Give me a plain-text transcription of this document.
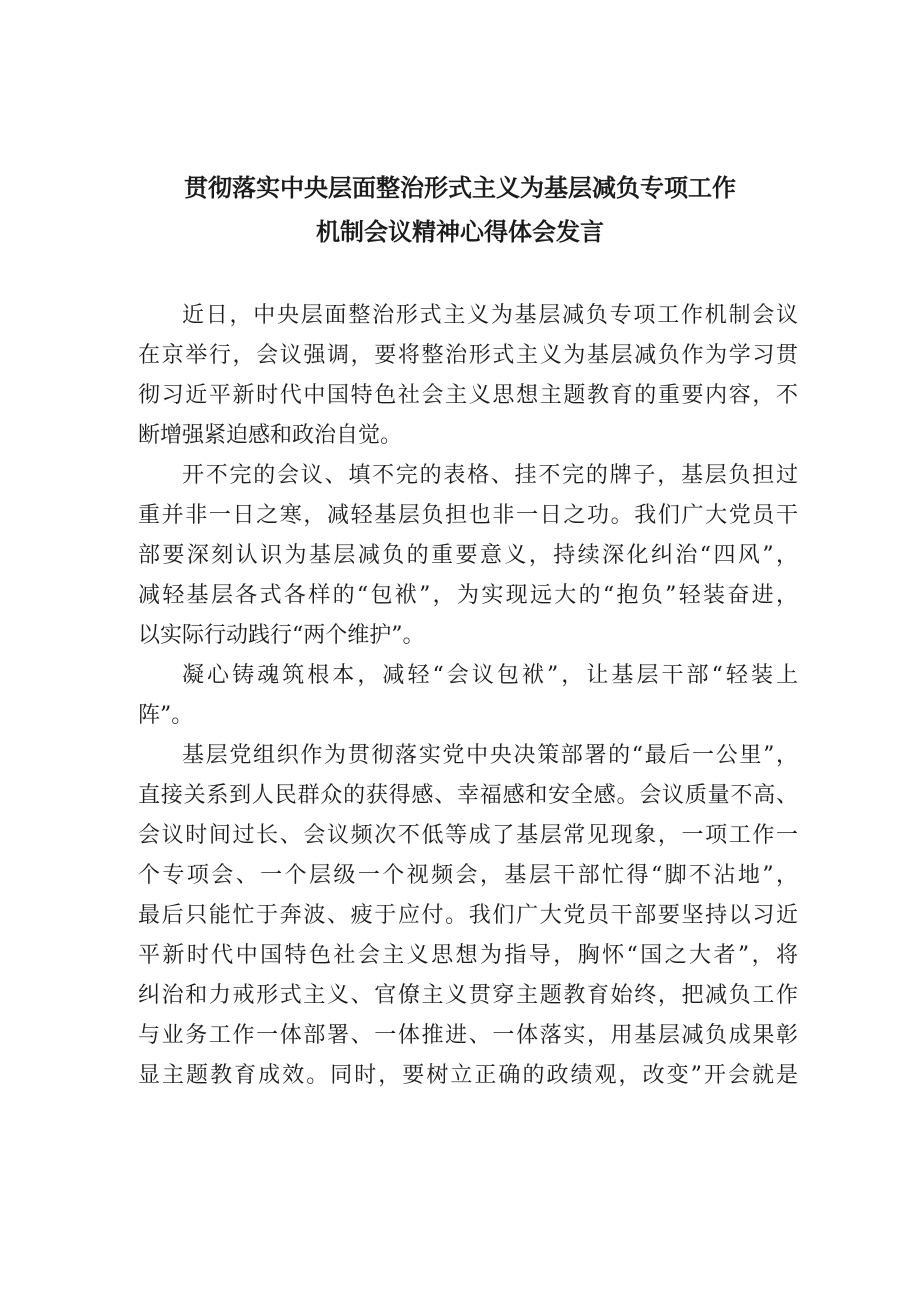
贯彻落实中央层面整治形式主义为基层减负专项工作
机制会议精神心得体会发言
近日，中央层面整治形式主义为基层减负专项工作机制会议
在京举行，会议强调，要将整治形式主义为基层减负作为学习贯
彻习近平新时代中国特色社会主义思想主题教育的重要内容，不
断增强紧迫感和政治自觉。
开不完的会议、填不完的表格、挂不完的牌子，基层负担过
重并非一日之寒，减轻基层负担也非一日之功。我们广大党员干
部要深刻认识为基层减负的重要意义，持续深化纠治“四风”，
减轻基层各式各样的“包袱”，为实现远大的“抱负”轻装奋进，
以实际行动践行“两个维护”。
凝心铸魂筑根本，减轻“会议包袱”，让基层干部“轻装上
阵”。
基层党组织作为贯彻落实党中央决策部署的“最后一公里”，
直接关系到人民群众的获得感、幸福感和安全感。会议质量不高、
会议时间过长、会议频次不低等成了基层常见现象，一项工作一
个专项会、一个层级一个视频会，基层干部忙得“脚不沾地”，
最后只能忙于奔波、疲于应付。我们广大党员干部要坚持以习近
平新时代中国特色社会主义思想为指导，胸怀“国之大者”，将
纠治和力戒形式主义、官僚主义贯穿主题教育始终，把减负工作
与业务工作一体部署、一体推进、一体落实，用基层减负成果彰
显主题教育成效。同时，要树立正确的政绩观，改变”开会就是
